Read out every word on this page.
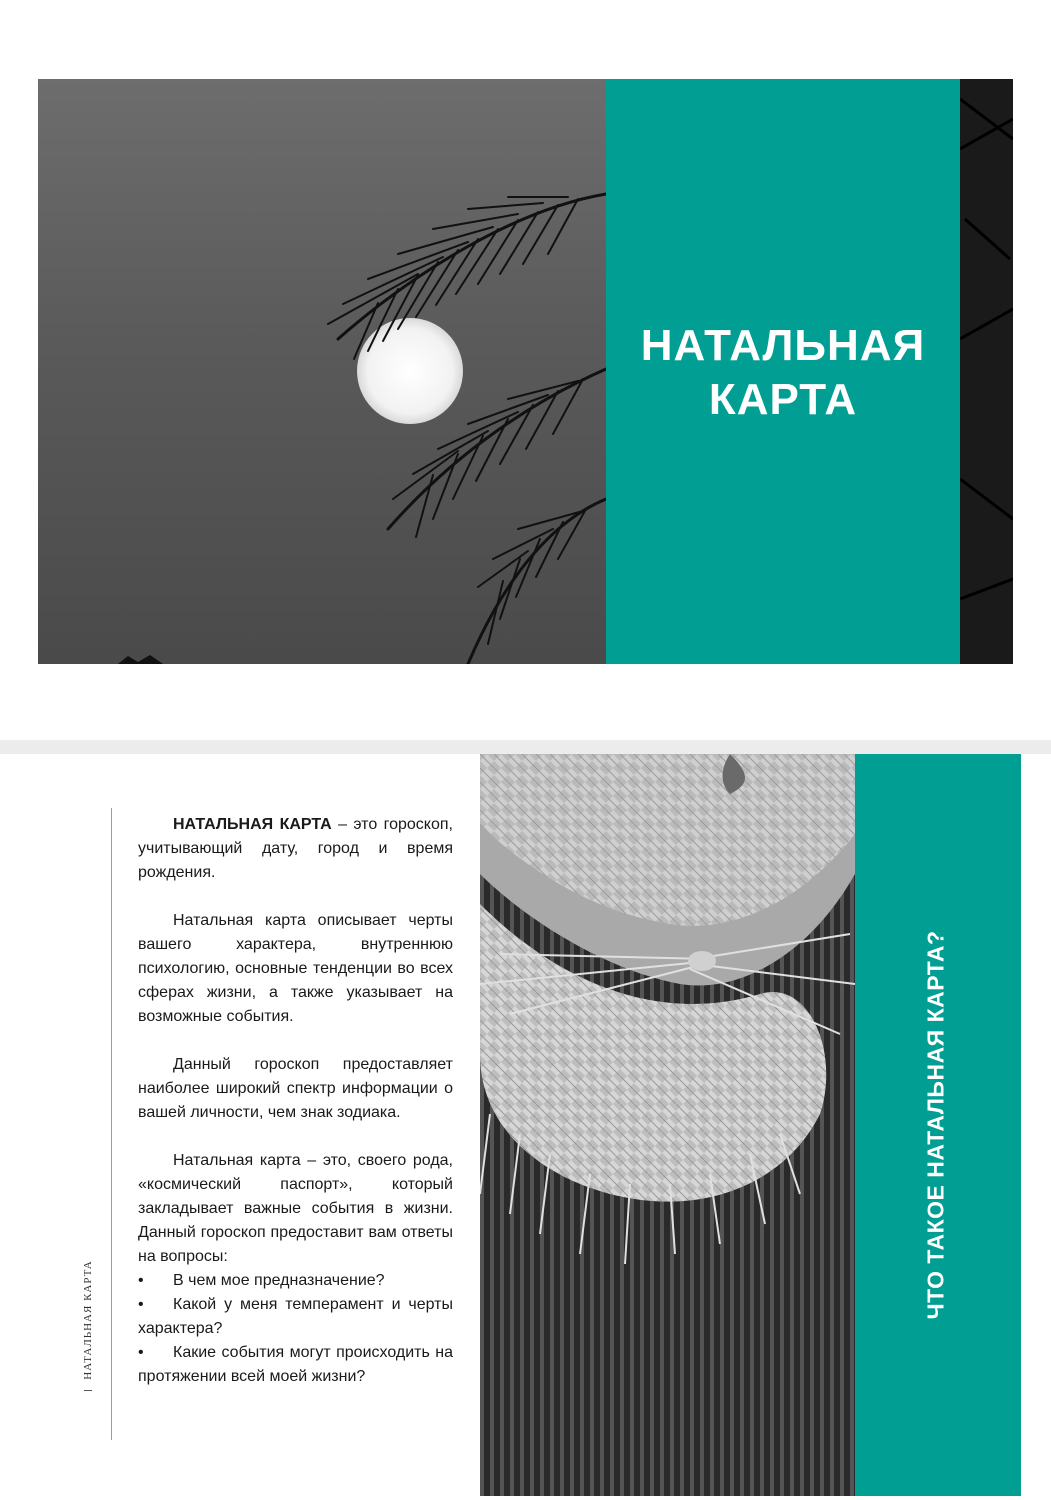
НАТАЛЬНАЯ
КАРТА
НАТАЛЬНАЯ КАРТА

НАТАЛЬНАЯ КАРТА – это гороскоп, учитывающий дату, город и время рождения.

Натальная карта описывает черты вашего характера, внутреннюю психологию, основные тенденции во всех сферах жизни, а также указывает на возможные события.

Данный гороскоп предоставляет наиболее широкий спектр информации о вашей личности, чем знак зодиака.

Натальная карта – это, своего рода, «космический паспорт», который закладывает важные события в жизни. Данный гороскоп предоставит вам ответы на вопросы:

• В чем мое предназначение?
• Какой у меня темперамент и черты характера?
• Какие события могут происходить на протяжении всей моей жизни?
ЧТО ТАКОЕ НАТАЛЬНАЯ КАРТА?
